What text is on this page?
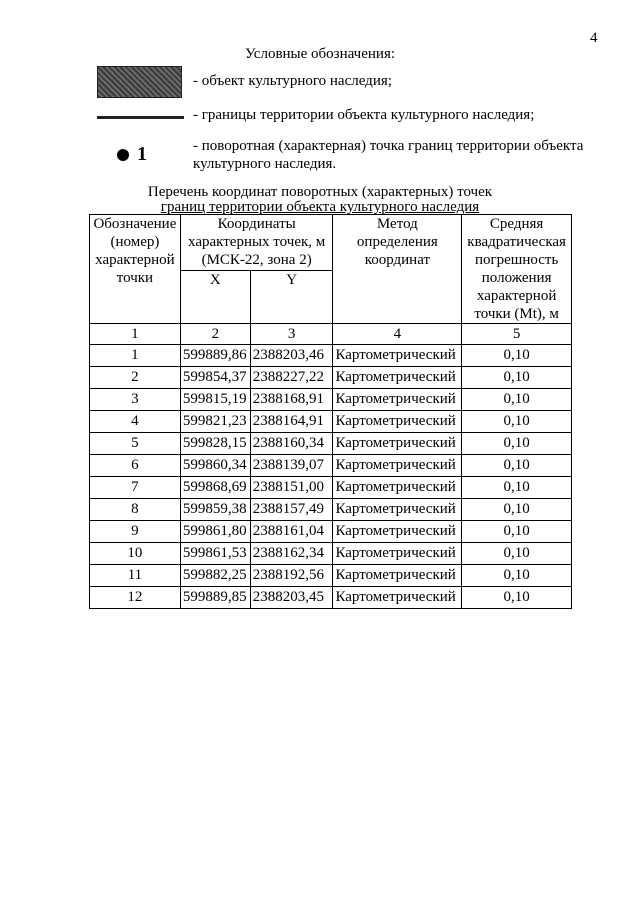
4
Условные обозначения:
- объект культурного наследия;
- границы территории объекта культурного наследия;
1	- поворотная (характерная) точка границ территории объекта культурного наследия.
Перечень координат поворотных (характерных) точек
границ территории объекта культурного наследия
Обозначение (номер) характерной точки	Координаты характерных точек, м (МСК-22, зона 2)		Метод определения координат	Средняя квадратическая погрешность положения характерной точки (Mt), м
	X	Y		
1	2	3	4	5
1	599889,86	2388203,46	Картометрический	0,10
2	599854,37	2388227,22	Картометрический	0,10
3	599815,19	2388168,91	Картометрический	0,10
4	599821,23	2388164,91	Картометрический	0,10
5	599828,15	2388160,34	Картометрический	0,10
6	599860,34	2388139,07	Картометрический	0,10
7	599868,69	2388151,00	Картометрический	0,10
8	599859,38	2388157,49	Картометрический	0,10
9	599861,80	2388161,04	Картометрический	0,10
10	599861,53	2388162,34	Картометрический	0,10
11	599882,25	2388192,56	Картометрический	0,10
12	599889,85	2388203,45	Картометрический	0,10
